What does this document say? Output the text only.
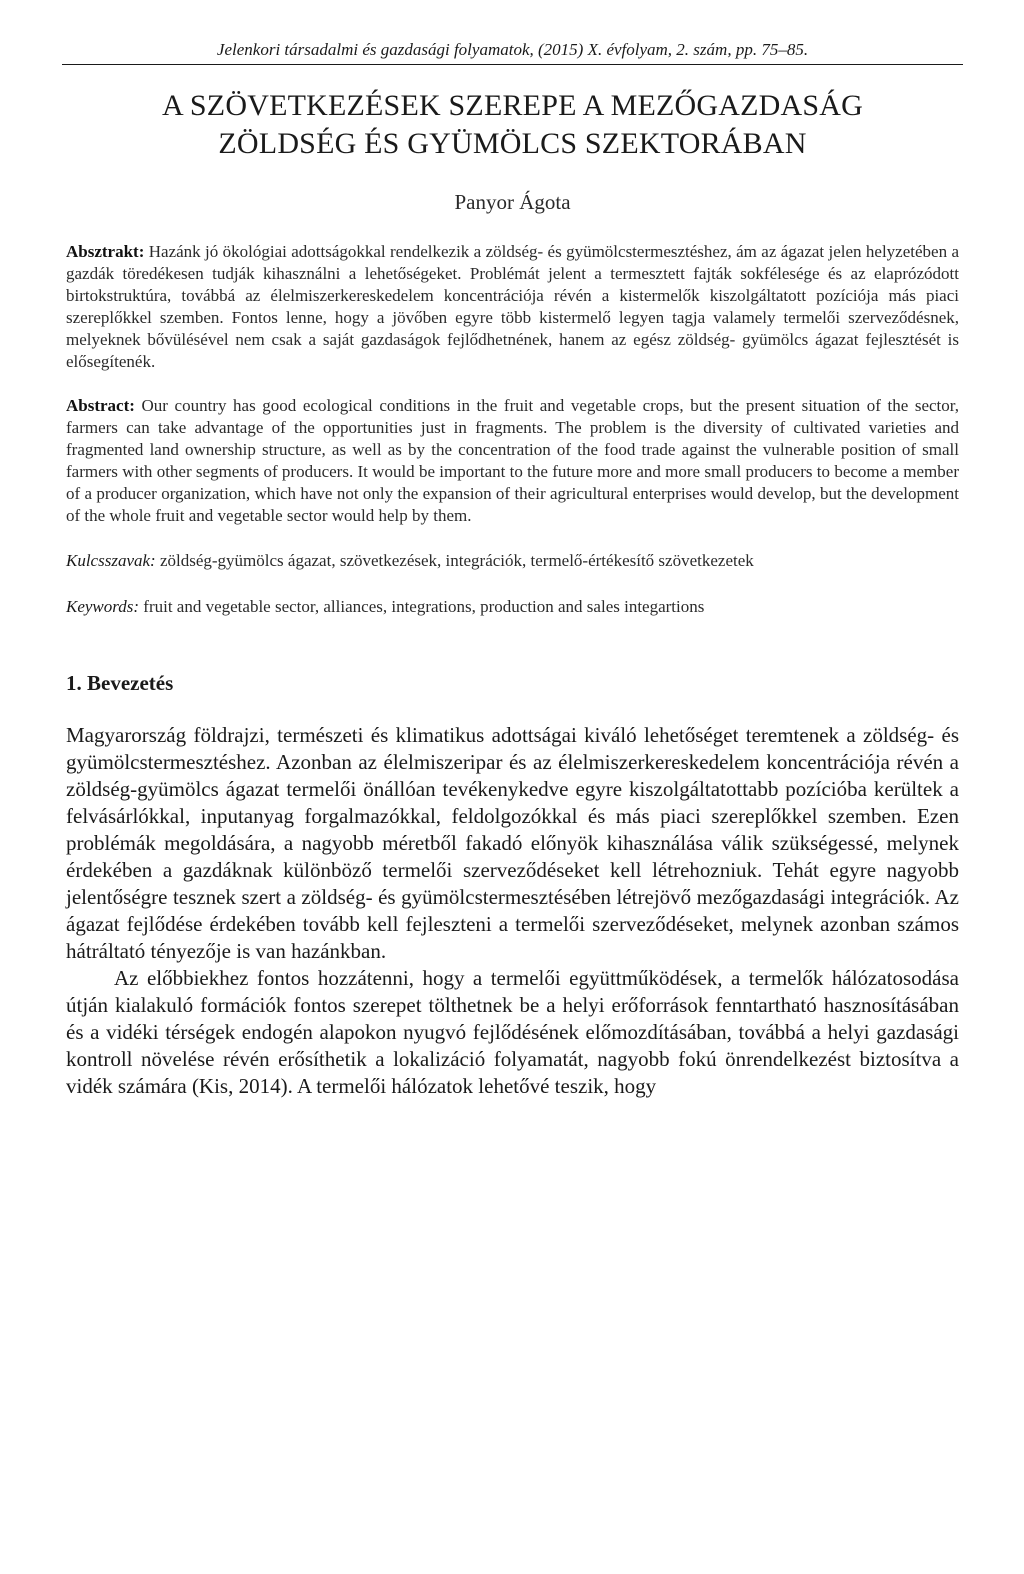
Jelenkori társadalmi és gazdasági folyamatok, (2015) X. évfolyam, 2. szám, pp. 75–85.
A SZÖVETKEZÉSEK SZEREPE A MEZŐGAZDASÁG
ZÖLDSÉG ÉS GYÜMÖLCS SZEKTORÁBAN
Panyor Ágota
Absztrakt: Hazánk jó ökológiai adottságokkal rendelkezik a zöldség- és gyümölcstermesztéshez, ám az ágazat jelen helyzetében a gazdák töredékesen tudják kihasználni a lehetőségeket. Problémát jelent a termesztett fajták sokfélesége és az elaprózódott birtokstruktúra, továbbá az élelmiszerkereskedelem koncentrációja révén a kistermelők kiszolgáltatott pozíciója más piaci szereplőkkel szemben. Fontos lenne, hogy a jövőben egyre több kistermelő legyen tagja valamely termelői szerveződésnek, melyeknek bővülésével nem csak a saját gazdaságok fejlődhetnének, hanem az egész zöldség- gyümölcs ágazat fejlesztését is elősegítenék.
Abstract: Our country has good ecological conditions in the fruit and vegetable crops, but the present situation of the sector, farmers can take advantage of the opportunities just in fragments. The problem is the diversity of cultivated varieties and fragmented land ownership structure, as well as by the concentration of the food trade against the vulnerable position of small farmers with other segments of producers. It would be important to the future more and more small producers to become a member of a producer organization, which have not only the expansion of their agricultural enterprises would develop, but the development of the whole fruit and vegetable sector would help by them.
Kulcsszavak: zöldség-gyümölcs ágazat, szövetkezések, integrációk, termelő-értékesítő szövetkezetek
Keywords: fruit and vegetable sector, alliances, integrations, production and sales integartions
1. Bevezetés

Magyarország földrajzi, természeti és klimatikus adottságai kiváló lehetőséget teremtenek a zöldség- és gyümölcstermesztéshez. Azonban az élelmiszeripar és az élelmiszerkereskedelem koncentrációja révén a zöldség-gyümölcs ágazat termelői önállóan tevékenykedve egyre kiszolgáltatottabb pozícióba kerültek a felvásárlókkal, inputanyag forgalmazókkal, feldolgozókkal és más piaci szereplőkkel szemben. Ezen problémák megoldására, a nagyobb méretből fakadó előnyök kihasználása válik szükségessé, melynek érdekében a gazdáknak különböző termelői szerveződéseket kell létrehozniuk. Tehát egyre nagyobb jelentőségre tesznek szert a zöldség- és gyümölcstermesztésében létrejövő mezőgazdasági integrációk. Az ágazat fejlődése érdekében tovább kell fejleszteni a termelői szerveződéseket, melynek azonban számos hátráltató tényezője is van hazánkban.

Az előbbiekhez fontos hozzátenni, hogy a termelői együttműködések, a termelők hálózatosodása útján kialakuló formációk fontos szerepet tölthetnek be a helyi erőforrások fenntartható hasznosításában és a vidéki térségek endogén alapokon nyugvó fejlődésének előmozdításában, továbbá a helyi gazdasági kontroll növelése révén erősíthetik a lokalizáció folyamatát, nagyobb fokú önrendelkezést biztosítva a vidék számára (Kis, 2014). A termelői hálózatok lehetővé teszik, hogy
